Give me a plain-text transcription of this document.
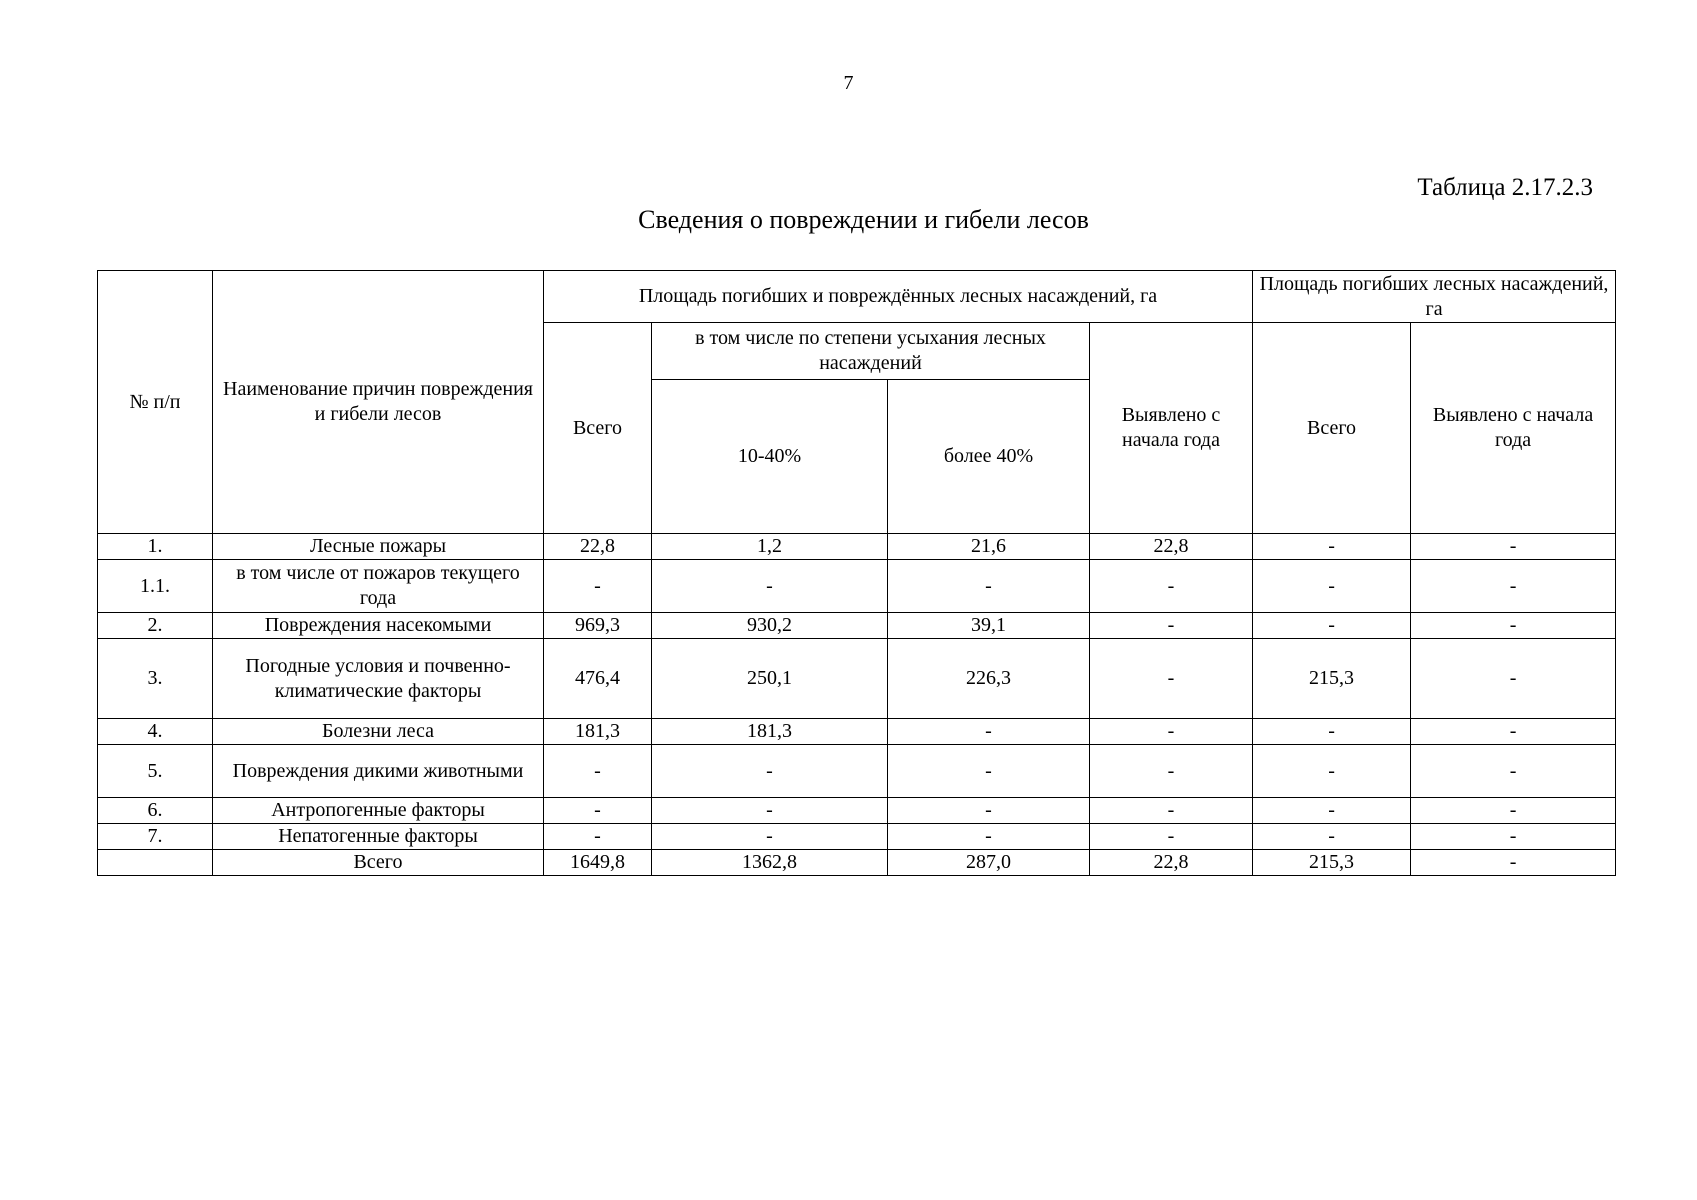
7
Таблица 2.17.2.3
Сведения о повреждении и гибели лесов
№ п/п	Наименование причин повреждения и гибели лесов	Площадь погибших и повреждённых лесных насаждений, га				Площадь погибших лесных насаждений, га	
		Всего	в том числе по степени усыхания лесных насаждений		Выявлено с начала года	Всего	Выявлено с начала года
			10-40%	более 40%			
1.	Лесные пожары	22,8	1,2	21,6	22,8	-	-
1.1.	в том числе от пожаров текущего года	-	-	-	-	-	-
2.	Повреждения насекомыми	969,3	930,2	39,1	-	-	-
3.	Погодные условия и почвенно-климатические факторы	476,4	250,1	226,3	-	215,3	-
4.	Болезни леса	181,3	181,3	-	-	-	-
5.	Повреждения дикими животными	-	-	-	-	-	-
6.	Антропогенные факторы	-	-	-	-	-	-
7.	Непатогенные факторы	-	-	-	-	-	-
	Всего	1649,8	1362,8	287,0	22,8	215,3	-
